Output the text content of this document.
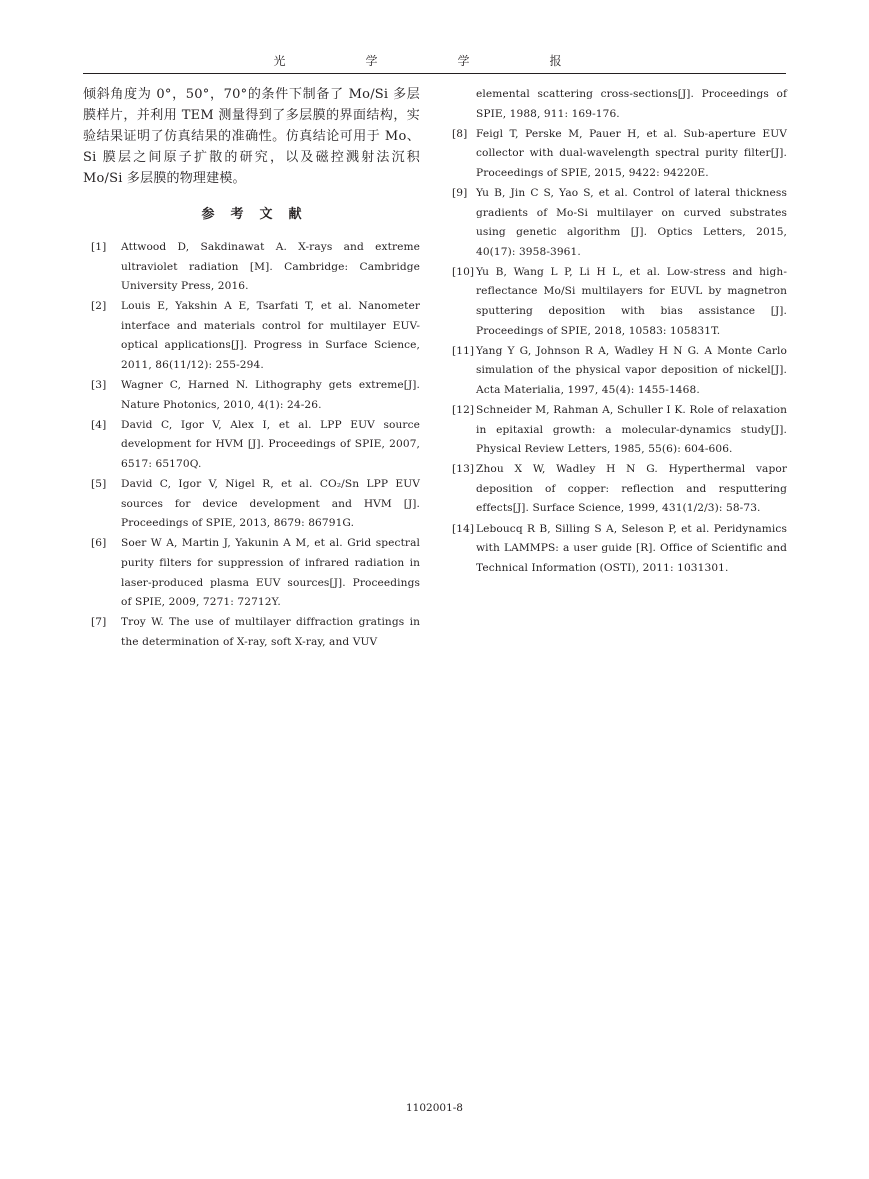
光　学　学　报

倾斜角度为 0°，50°，70°的条件下制备了 Mo/Si 多层膜样片，并利用 TEM 测量得到了多层膜的界面结构，实验结果证明了仿真结果的准确性。仿真结论可用于 Mo、Si 膜层之间原子扩散的研究，以及磁控溅射法沉积 Mo/Si 多层膜的物理建模。

参考文献
[1] Attwood D, Sakdinawat A. X-rays and extreme ultraviolet radiation [M]. Cambridge: Cambridge University Press, 2016.
[2] Louis E, Yakshin A E, Tsarfati T, et al. Nanometer interface and materials control for multilayer EUV-optical applications[J]. Progress in Surface Science, 2011, 86(11/12): 255-294.
[3] Wagner C, Harned N. Lithography gets extreme[J]. Nature Photonics, 2010, 4(1): 24-26.
[4] David C, Igor V, Alex I, et al. LPP EUV source development for HVM [J]. Proceedings of SPIE, 2007, 6517: 65170Q.
[5] David C, Igor V, Nigel R, et al. CO₂/Sn LPP EUV sources for device development and HVM [J]. Proceedings of SPIE, 2013, 8679: 86791G.
[6] Soer W A, Martin J, Yakunin A M, et al. Grid spectral purity filters for suppression of infrared radiation in laser-produced plasma EUV sources[J]. Proceedings of SPIE, 2009, 7271: 72712Y.
[7] Troy W. The use of multilayer diffraction gratings in the determination of X-ray, soft X-ray, and VUV
elemental scattering cross-sections[J]. Proceedings of SPIE, 1988, 911: 169-176.
[8] Feigl T, Perske M, Pauer H, et al. Sub-aperture EUV collector with dual-wavelength spectral purity filter[J]. Proceedings of SPIE, 2015, 9422: 94220E.
[9] Yu B, Jin C S, Yao S, et al. Control of lateral thickness gradients of Mo-Si multilayer on curved substrates using genetic algorithm [J]. Optics Letters, 2015, 40(17): 3958-3961.
[10] Yu B, Wang L P, Li H L, et al. Low-stress and high-reflectance Mo/Si multilayers for EUVL by magnetron sputtering deposition with bias assistance [J]. Proceedings of SPIE, 2018, 10583: 105831T.
[11] Yang Y G, Johnson R A, Wadley H N G. A Monte Carlo simulation of the physical vapor deposition of nickel[J]. Acta Materialia, 1997, 45(4): 1455-1468.
[12] Schneider M, Rahman A, Schuller I K. Role of relaxation in epitaxial growth: a molecular-dynamics study[J]. Physical Review Letters, 1985, 55(6): 604-606.
[13] Zhou X W, Wadley H N G. Hyperthermal vapor deposition of copper: reflection and resputtering effects[J]. Surface Science, 1999, 431(1/2/3): 58-73.
[14] Leboucq R B, Silling S A, Seleson P, et al. Peridynamics with LAMMPS: a user guide [R]. Office of Scientific and Technical Information (OSTI), 2011: 1031301.
1102001-8
